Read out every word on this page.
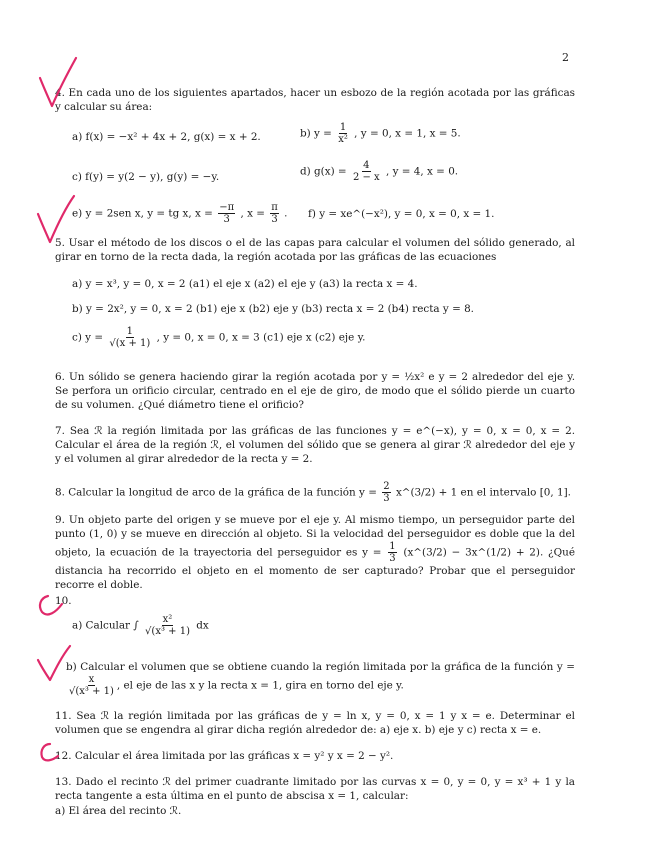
2
4. En cada uno de los siguientes apartados, hacer un esbozo de la región acotada por las gráficas y calcular su área:
a) f(x) = −x² + 4x + 2, g(x) = x + 2.	b) $y = \frac{1}{\text{x²}}$ , y = 0, x = 1, x = 5.
c) f(y) = y(2 − y), g(y) = −y.	d) $g(x) = \frac{4}{2 - x}$ , y = 4, x = 0.
e) y = 2sen x, y = tg x, $x = \frac{-\pi}{3}$ , $x = \frac{\pi}{3}$ . f) y = xe^(−x²), y = 0, x = 0, x = 1.
5. Usar el método de los discos o el de las capas para calcular el volumen del sólido generado, al girar en torno de la recta dada, la región acotada por las gráficas de las ecuaciones
a) y = x³, y = 0, x = 2 (a1) el eje x (a2) el eje y (a3) la recta x = 4.
b) y = 2x², y = 0, x = 2 (b1) eje x (b2) eje y (b3) recta x = 2 (b4) recta y = 8.
c) $y = \frac{1}{√(x + 1)}$ , y = 0, x = 0, x = 3 (c1) eje x (c2) eje y.
6. Un sólido se genera haciendo girar la región acotada por y = ½x² e y = 2 alrededor del eje y. Se perfora un orificio circular, centrado en el eje de giro, de modo que el sólido pierde un cuarto de su volumen. ¿Qué diámetro tiene el orificio?
7. Sea ℛ la región limitada por las gráficas de las funciones y = e^(−x), y = 0, x = 0, x = 2. Calcular el área de la región ℛ, el volumen del sólido que se genera al girar ℛ alrededor del eje y y el volumen al girar alrededor de la recta y = 2.
8. Calcular la longitud de arco de la gráfica de la función $y = \frac{2}{3}$ x^(3/2) + 1 en el intervalo [0, 1].
9. Un objeto parte del origen y se mueve por el eje y. Al mismo tiempo, un perseguidor parte del punto (1, 0) y se mueve en dirección al objeto. Si la velocidad del perseguidor es doble que la del objeto, la ecuación de la trayectoria del perseguidor es $y = \frac{1}{3}$ (x^(3/2) − 3x^(1/2) + 2). ¿Qué distancia ha recorrido el objeto en el momento de ser capturado? Probar que el perseguidor recorre el doble.
10.
a) Calcular ∫ $\frac{\text{x²}}{\text{√(x³ + 1)}}$ dx
b) Calcular el volumen que se obtiene cuando la región limitada por la gráfica de la función y =
$\frac{x}{\text{√(x³ + 1)}}$ , el eje de las x y la recta x = 1, gira en torno del eje y.
11. Sea ℛ la región limitada por las gráficas de y = ln x, y = 0, x = 1 y x = e. Determinar el volumen que se engendra al girar dicha región alrededor de: a) eje x. b) eje y c) recta x = e.
12. Calcular el área limitada por las gráficas x = y² y x = 2 − y².
13. Dado el recinto ℛ del primer cuadrante limitado por las curvas x = 0, y = 0, y = x³ + 1 y la recta tangente a esta última en el punto de abscisa x = 1, calcular:
a) El área del recinto ℛ.
